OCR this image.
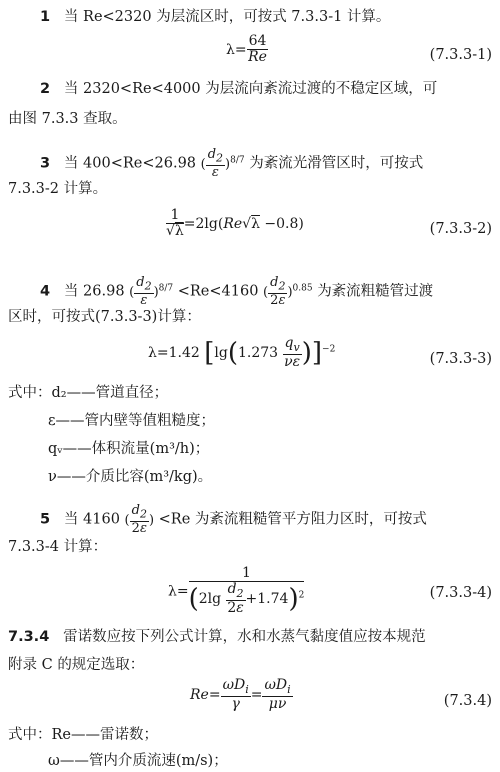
1 当 Re<2320 为层流区时，可按式 7.3.3-1 计算。
$\lambda= \frac{64}{Re}$	(7.3.3-1)
2 当 2320<Re<4000 为层流向紊流过渡的不稳定区域，可
由图 7.3.3 查取。
3 当 400<Re<26.98 ( $\frac{d_2}{\varepsilon} )^{8/7}$ 为紊流光滑管区时，可按式
7.3.3-2 计算。
$\frac{1}{√\lambda} =2\lg(Re√\lambda -0.8)$	(7.3.3-2)
4 当 26.98 ( $\frac{d_2}{\varepsilon} )^{8/7} <Re<4160$ ( $\frac{d_2}{2\varepsilon} )^{0.85}$ 为紊流粗糙管过渡
区时，可按式(7.3.3-3)计算：
λ=1.42 $[\lg(1.273 \frac{q_v}{\nu\varepsilon} )]^{-2}$
(7.3.3-3)
式中：d₂——管道直径；
ε——管内壁等值粗糙度；
qᵥ——体积流量(m³/h)；
ν——介质比容(m³/kg)。
5 当 4160 ( $\frac{d_2}{2\varepsilon}$ ) <Re 为紊流粗糙管平方阻力区时，可按式
7.3.3-4 计算：
$\lambda= \frac{1}{(2\lg \frac{d_2}{2\varepsilon} +1.74)^2}$	(7.3.3-4)
7.3.4 雷诺数应按下列公式计算，水和水蒸气黏度值应按本规范
附录 C 的规定选取：
Re=
$\omega D_i$
γ
=
$\omega D_i$
μν	(7.3.4)
式中：Re——雷诺数；
ω——管内介质流速(m/s)；
